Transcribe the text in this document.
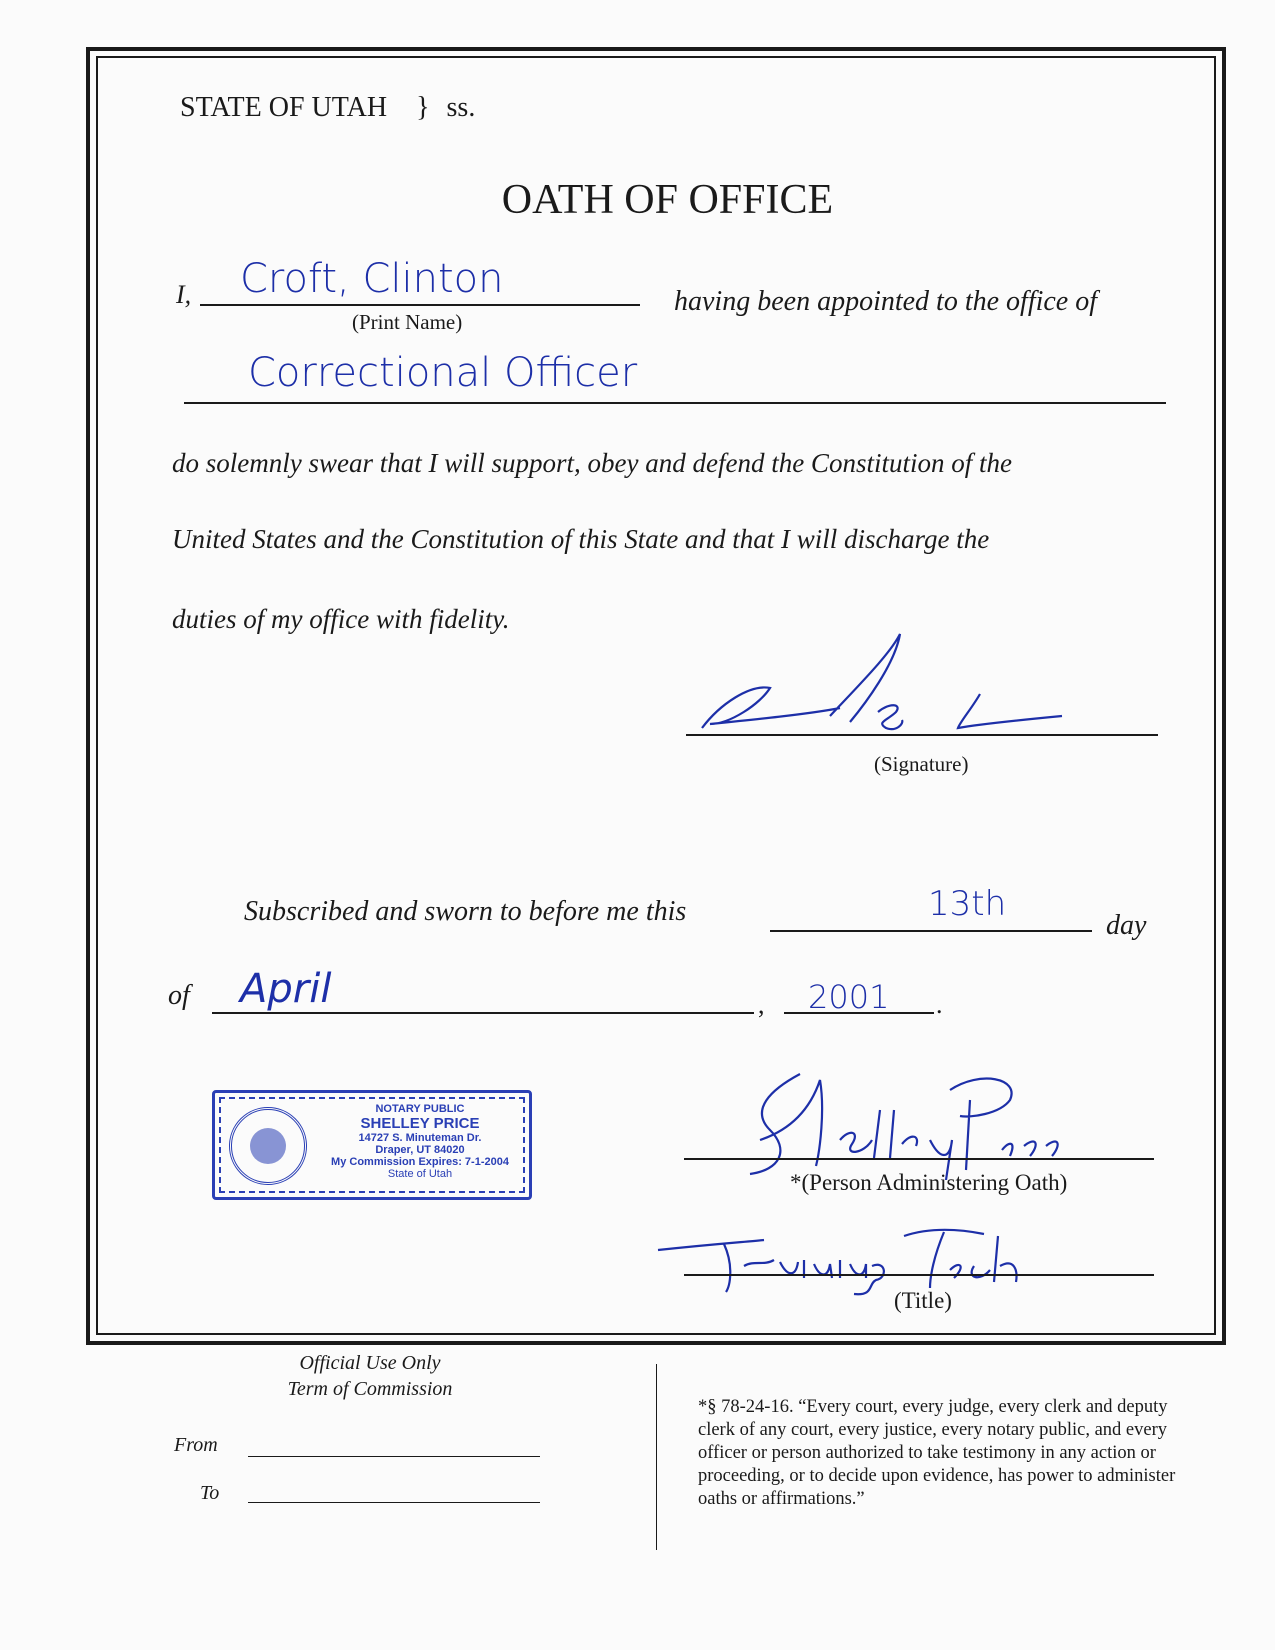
STATE OF UTAH } ss.
OATH OF OFFICE
I, Croft, Clinton
(Print Name)
having been appointed to the office of
Correctional Officer
do solemnly swear that I will support, obey and defend the Constitution of the
United States and the Constitution of this State and that I will discharge the
duties of my office with fidelity.
(Signature)
Subscribed and sworn to before me this	13th
day
of April	, 2001 .
NOTARY PUBLIC
SHELLEY PRICE
14727 S. Minuteman Dr.
Draper, UT 84020
My Commission Expires: 7-1-2004
State of Utah	*(Person Administering Oath)
(Title)
Official Use Only
Term of Commission
From
To
*§ 78-24-16. “Every court, every judge, every clerk and deputy clerk of any court, every justice, every notary public, and every officer or person authorized to take testimony in any action or proceeding, or to decide upon evidence, has power to administer oaths or affirmations.”
